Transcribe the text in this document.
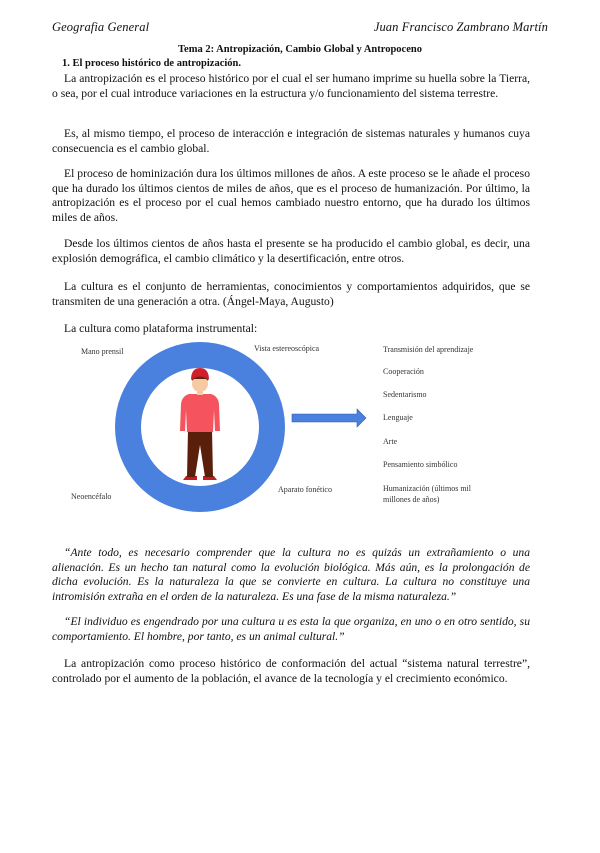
Geografia General	Juan Francisco Zambrano Martín
Tema 2: Antropización, Cambio Global y Antropoceno
1. El proceso histórico de antropización.

La antropización es el proceso histórico por el cual el ser humano imprime su huella sobre la Tierra, o sea, por el cual introduce variaciones en la estructura y/o funcionamiento del sistema terrestre.

Es, al mismo tiempo, el proceso de interacción e integración de sistemas naturales y humanos cuya consecuencia es el cambio global.

El proceso de hominización dura los últimos millones de años. A este proceso se le añade el proceso que ha durado los últimos cientos de miles de años, que es el proceso de humanización. Por último, la antropización es el proceso por el cual hemos cambiado nuestro entorno, que ha durado los últimos miles de años.

Desde los últimos cientos de años hasta el presente se ha producido el cambio global, es decir, una explosión demográfica, el cambio climático y la desertificación, entre otros.

La cultura es el conjunto de herramientas, conocimientos y comportamientos adquiridos, que se transmiten de una generación a otra. (Ángel-Maya, Augusto)

La cultura como plataforma instrumental:

Mano prensil	Vista estereoscópica
Neoencéfalo
Aparato fonético
Transmisión del aprendizaje
Cooperación
Sedentarismo
Lenguaje
Arte
Pensamiento simbólico
Humanización (últimos mil millones de años)

“Ante todo, es necesario comprender que la cultura no es quizás un extrañamiento o una alienación. Es un hecho tan natural como la evolución biológica. Más aún, es la prolongación de dicha evolución. Es la naturaleza la que se convierte en cultura. La cultura no constituye una intromisión extraña en el orden de la naturaleza. Es una fase de la misma naturaleza.”

“El individuo es engendrado por una cultura u es esta la que organiza, en uno o en otro sentido, su comportamiento. El hombre, por tanto, es un animal cultural.”

La antropización como proceso histórico de conformación del actual “sistema natural terrestre”, controlado por el aumento de la población, el avance de la tecnología y el crecimiento económico.
